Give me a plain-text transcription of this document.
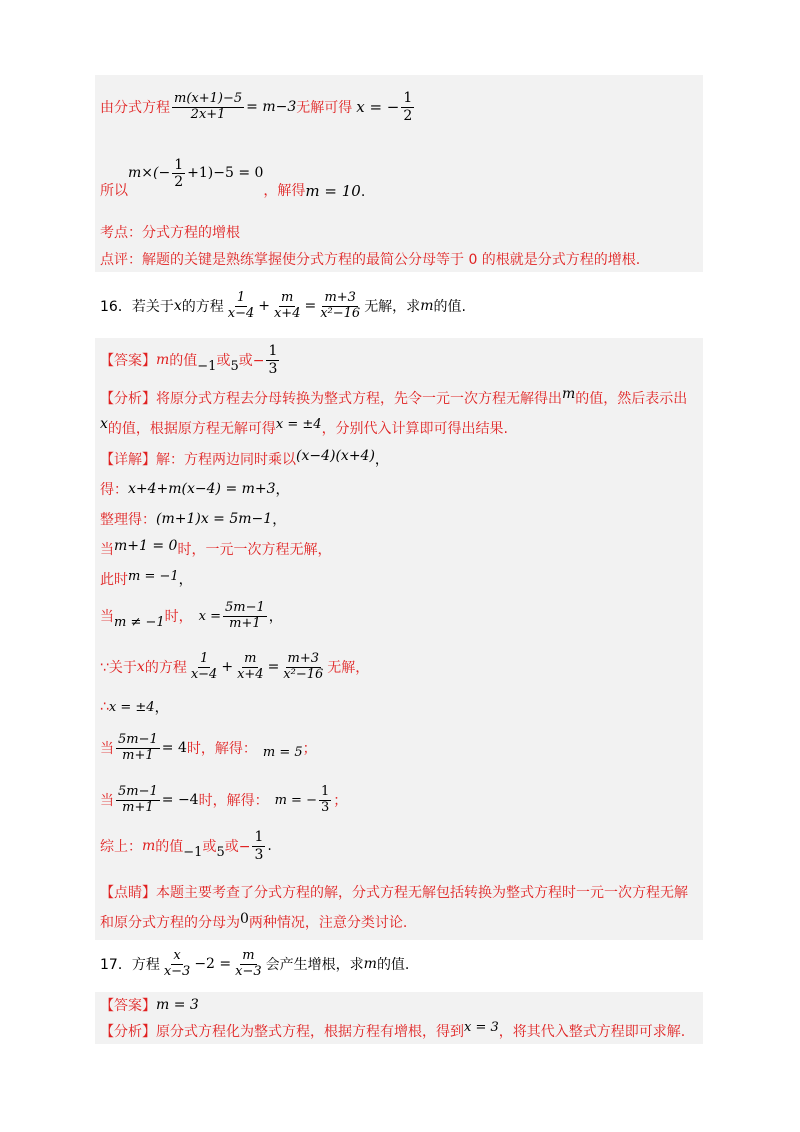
由分式方程 $\frac{m(x+1)-5}{2x+1} = m-3$ 无解可得 x = − $\frac{1}{2}$
所以
$m\times(- \frac{1}{2} +1)-5 = 0$
，解得 m = 10 .
考点：分式方程的增根
点评：解题的关键是熟练掌握使分式方程的最简公分母等于 0 的根就是分式方程的增根.
16．若关于 x 的方程 $\frac{1}{x-4} + \frac{m}{x+4} = \frac{m+3}{\text{x²−16}}$ 无解，求 m 的值.
【答案】 m 的值 −1 或 5 或− $\frac{1}{3}$
【分析】 将原分式方程去分母转换为整式方程，先令一元一次方程无解得出 m 的值，然后表示出
x 的值，根据原方程无解可得 x = ±4 ，分别代入计算即可得出结果.
【详解】 解：方程两边同时乘以 (x−4)(x+4) ，
得： x+4+m(x−4) = m+3 ，
整理得： (m+1)x = 5m−1 ，
当 m+1 = 0 时，一元一次方程无解，
此时 m = −1 ，
当 m ≠ −1 时， $x = \frac{5m-1}{m+1}$ ，
∵关于 x 的方程 $\frac{1}{x-4} + \frac{m}{x+4} = \frac{m+3}{\text{x²−16}}$ 无解，
∴ x = ±4 ，
当 $\frac{5m-1}{m+1} = 4$ 时，解得： m = 5 ；
当 $\frac{5m-1}{m+1} = -4$ 时，解得： m = − $\frac{1}{3}$ ；
综上： m 的值 −1 或 5 或− $\frac{1}{3}$ .
【点睛】 本题主要考查了分式方程的解，分式方程无解包括转换为整式方程时一元一次方程无解
和原分式方程的分母为 0 两种情况，注意分类讨论.
17．方程 $\frac{x}{x-3} -2 = \frac{m}{x-3}$ 会产生增根，求 m 的值.
【答案】 m = 3
【分析】 原分式方程化为整式方程，根据方程有增根，得到 x = 3 ，将其代入整式方程即可求解.
